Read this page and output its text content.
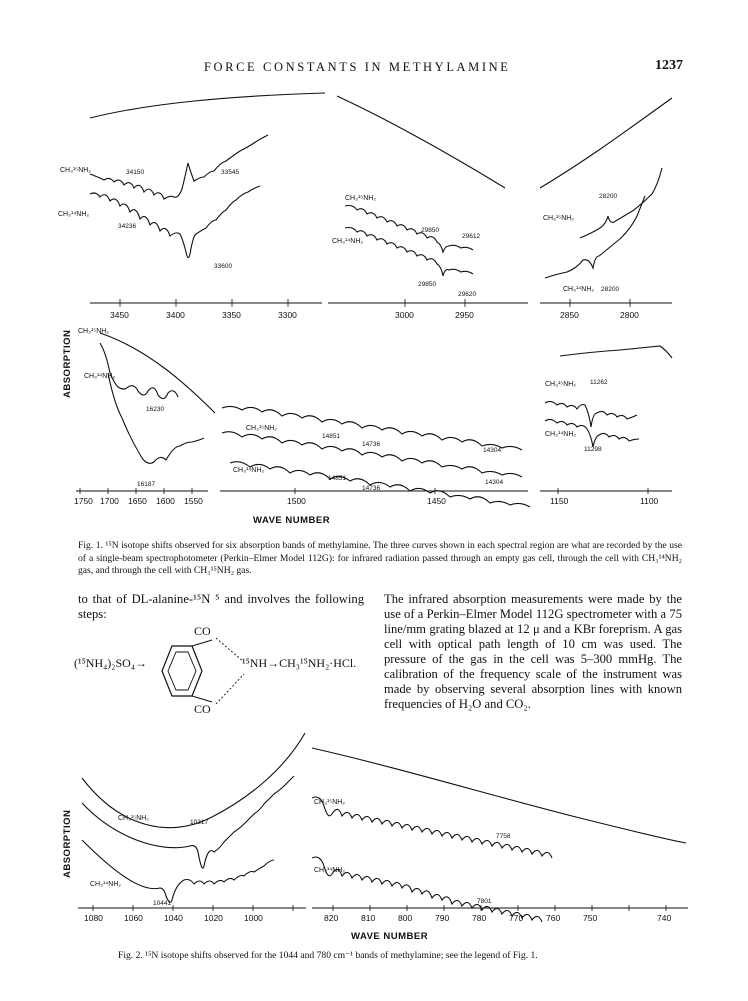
FORCE CONSTANTS IN METHYLAMINE	1237
3450	3400	3350	3300
CH₃¹⁵NH₂
CH₃¹⁴NH₂
34150	33545
34236
33600
3000	2950
CH₃¹⁵NH₂
CH₃¹⁴NH₂
29850
29612
29850
29620
2850	2800
CH₃¹⁵NH₂
CH₃¹⁴NH₂
28200
28200
ABSORPTION
1750 1700 1650 1600 1550
CH₃¹⁵NH₂
CH₃¹⁴NH₂
16230
16187
1500	1450
CH₃¹⁵NH₂
CH₃¹⁴NH₂
14851
14736
14304
14851
14736
14304
1150	1100
CH₃¹⁵NH₂
CH₃¹⁴NH₂
11262
11298
WAVE NUMBER
Fig. 1. ¹⁵N isotope shifts observed for six absorption bands of methylamine. The three curves shown in each spectral region are what are recorded by the use of a single-beam spectrophotometer (Perkin–Elmer Model 112G): for infrared radiation passed through an empty gas cell, through the cell with CH₃¹⁴NH₂ gas, and through the cell with CH₃¹⁵NH₂ gas.
to that of DL-alanine-¹⁵N ⁵ and involves the following steps:
(¹⁵NH₄)₂SO₄→
CO
CO
¹⁵NH→CH₃¹⁵NH₂·HCl.
The infrared absorption measurements were made by the use of a Perkin–Elmer Model 112G spectrometer with a 75 line/mm grating blazed at 12 μ and a KBr foreprism. A gas cell with optical path length of 10 cm was used. The pressure of the gas in the cell was 5–300 mmHg. The calibration of the frequency scale of the instrument was made by observing several absorption lines with known frequencies of H₂O and CO₂.
1080 1060 1040 1020 1000
CH₃¹⁵NH₂
CH₃¹⁴NH₂
10317
10441
820	810	800	790	780	770	760	750	740
CH₃¹⁵NH₂
CH₃¹⁴NH₂
7758
7801
ABSORPTION
WAVE NUMBER
Fig. 2. ¹⁵N isotope shifts observed for the 1044 and 780 cm⁻¹ bands of methylamine; see the legend of Fig. 1.
